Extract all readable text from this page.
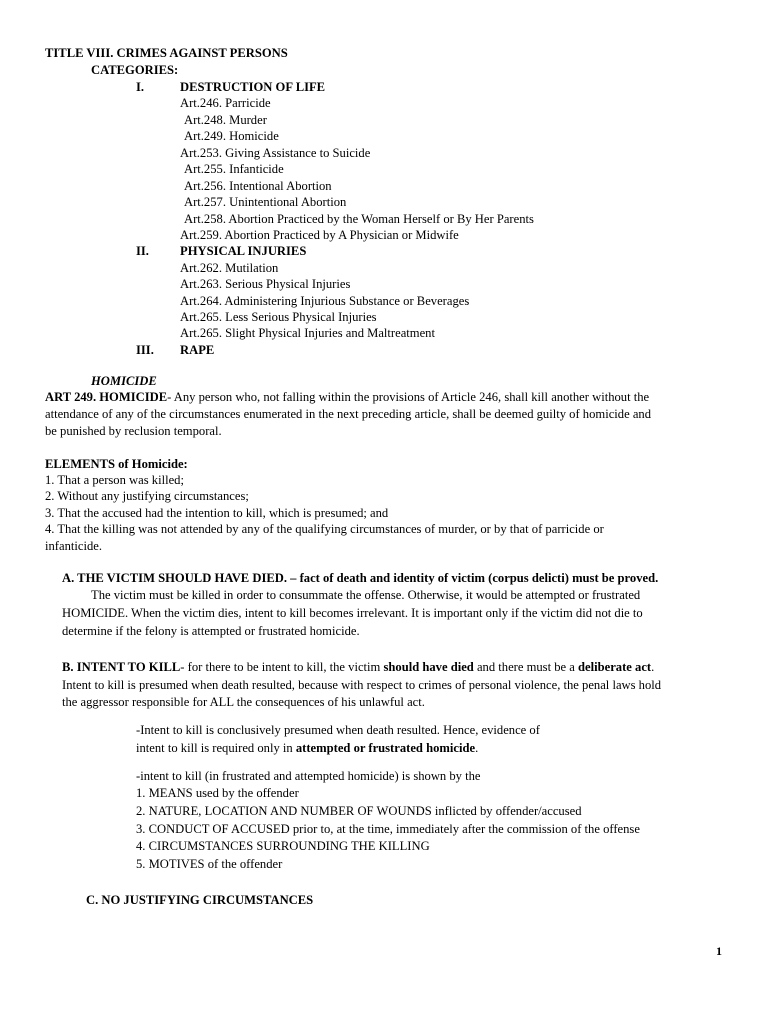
TITLE VIII. CRIMES AGAINST PERSONS
CATEGORIES:
I.	DESTRUCTION OF LIFE
Art.246. Parricide
Art.248. Murder
Art.249. Homicide
Art.253. Giving Assistance to Suicide
Art.255. Infanticide
Art.256. Intentional Abortion
Art.257. Unintentional Abortion
Art.258. Abortion Practiced by the Woman Herself or By Her Parents
Art.259. Abortion Practiced by A Physician or Midwife
II. PHYSICAL INJURIES
Art.262. Mutilation
Art.263. Serious Physical Injuries
Art.264. Administering Injurious Substance or Beverages
Art.265. Less Serious Physical Injuries
Art.265. Slight Physical Injuries and Maltreatment
III. RAPE
HOMICIDE
ART 249. HOMICIDE- Any person who, not falling within the provisions of Article 246, shall kill another without the
attendance of any of the circumstances enumerated in the next preceding article, shall be deemed guilty of homicide and
be punished by reclusion temporal.
ELEMENTS of Homicide:
1. That a person was killed;
2. Without any justifying circumstances;
3. That the accused had the intention to kill, which is presumed; and
4. That the killing was not attended by any of the qualifying circumstances of murder, or by that of parricide or
infanticide.
A. THE VICTIM SHOULD HAVE DIED. – fact of death and identity of victim (corpus delicti) must be proved.
The victim must be killed in order to consummate the offense. Otherwise, it would be attempted or frustrated
HOMICIDE. When the victim dies, intent to kill becomes irrelevant. It is important only if the victim did not die to
determine if the felony is attempted or frustrated homicide.
B. INTENT TO KILL- for there to be intent to kill, the victim should have died and there must be a deliberate act.
Intent to kill is presumed when death resulted, because with respect to crimes of personal violence, the penal laws hold
the aggressor responsible for ALL the consequences of his unlawful act.
-Intent to kill is conclusively presumed when death resulted. Hence, evidence of
intent to kill is required only in attempted or frustrated homicide.
-intent to kill (in frustrated and attempted homicide) is shown by the
1. MEANS used by the offender
2. NATURE, LOCATION AND NUMBER OF WOUNDS inflicted by offender/accused
3. CONDUCT OF ACCUSED prior to, at the time, immediately after the commission of the offense
4. CIRCUMSTANCES SURROUNDING THE KILLING
5. MOTIVES of the offender
C. NO JUSTIFYING CIRCUMSTANCES
1
